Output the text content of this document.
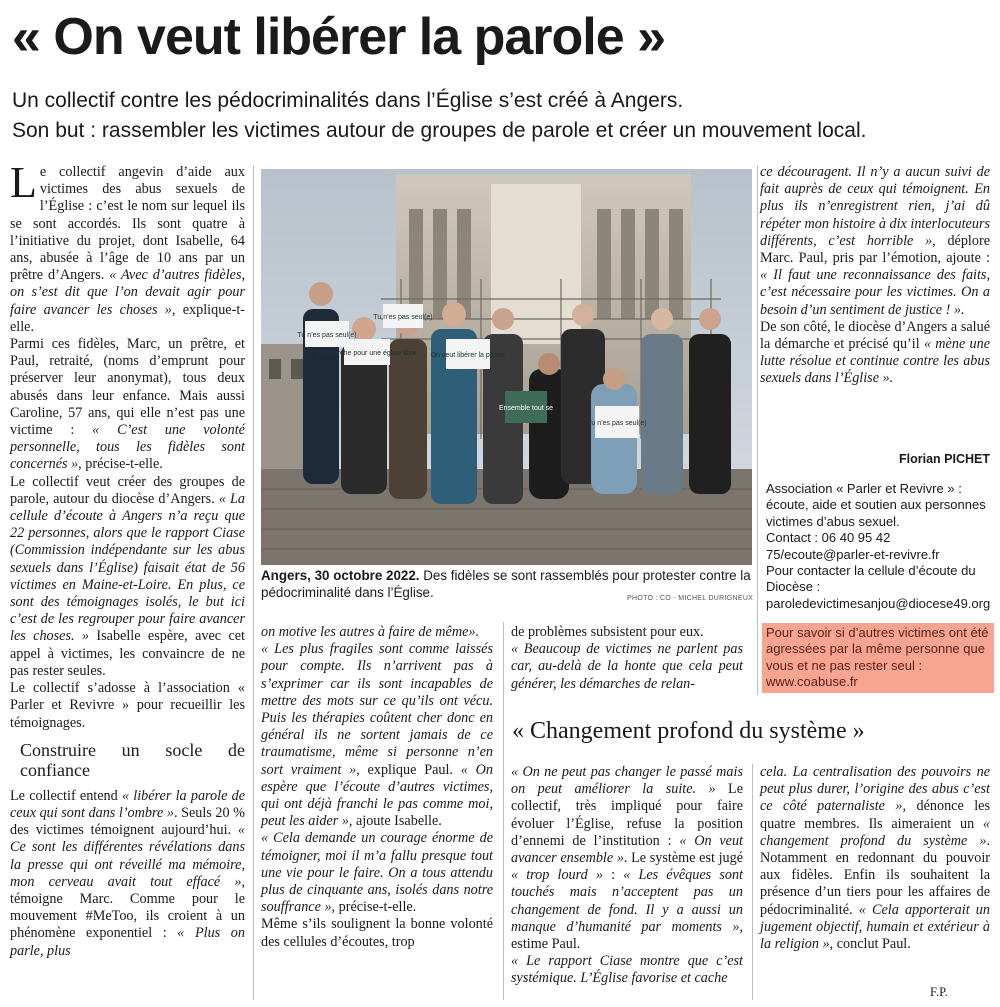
« On veut libérer la parole »
Un collectif contre les pédocriminalités dans l’Église s’est créé à Angers.
Son but : rassembler les victimes autour de groupes de parole et créer un mouvement local.

Le collectif angevin d’aide aux victimes des abus sexuels de l’Église : c’est le nom sur lequel ils se sont accordés. Ils sont quatre à l’initiative du projet, dont Isabelle, 64 ans, abusée à l’âge de 10 ans par un prêtre d’Angers. « Avec d’autres fidèles, on s’est dit que l’on devait agir pour faire avancer les choses », explique-t-elle.

Parmi ces fidèles, Marc, un prêtre, et Paul, retraité, (noms d’emprunt pour préserver leur anonymat), tous deux abusés dans leur enfance. Mais aussi Caroline, 57 ans, qui elle n’est pas une victime : « C’est une volonté personnelle, tous les fidèles sont concernés », précise-t-elle.

Le collectif veut créer des groupes de parole, autour du diocèse d’Angers. « La cellule d’écoute à Angers n’a reçu que 22 personnes, alors que le rapport Ciase (Commission indépendante sur les abus sexuels dans l’Église) faisait état de 56 victimes en Maine-et-Loire. En plus, ce sont des témoignages isolés, le but ici c’est de les regrouper pour faire avancer les choses. » Isabelle espère, avec cet appel à victimes, les convaincre de ne pas rester seules.

Le collectif s’adosse à l’association « Parler et Revivre » pour recueillir les témoignages.

Construire un socle de confiance

Le collectif entend « libérer la parole de ceux qui sont dans l’ombre ». Seuls 20 % des victimes témoignent aujourd’hui. « Ce sont les différentes révélations dans la presse qui ont réveillé ma mémoire, mon cerveau avait tout effacé », témoigne Marc. Comme pour le mouvement #MeToo, ils croient à un phénomène exponentiel : « Plus on parle, plus

Tu n’es pas seul(e)
Tu n’es pas seul(e)
En marche pour une église libre On veut libérer la parole
Ensemble tout se
Tu n’es pas seul(e)
Angers, 30 octobre 2022. Des fidèles se sont rassemblés pour protester contre la pédocriminalité dans l’Église.	PHOTO : CO - MICHEL DURIGNEUX

on motive les autres à faire de même».

« Les plus fragiles sont comme laissés pour compte. Ils n’arrivent pas à s’exprimer car ils sont incapables de mettre des mots sur ce qu’ils ont vécu. Puis les thérapies coûtent cher donc en général ils ne sortent jamais de ce traumatisme, même si personne n’en sort vraiment », explique Paul. « On espère que l’écoute d’autres victimes, qui ont déjà franchi le pas comme moi, peut les aider », ajoute Isabelle.

« Cela demande un courage énorme de témoigner, moi il m’a fallu presque tout une vie pour le faire. On a tous attendu plus de cinquante ans, isolés dans notre souffrance », précise-t-elle.

Même s’ils soulignent la bonne volonté des cellules d’écoutes, trop

de problèmes subsistent pour eux.

« Beaucoup de victimes ne parlent pas car, au-delà de la honte que cela peut générer, les démarches de relan-

ce découragent. Il n’y a aucun suivi de fait auprès de ceux qui témoignent. En plus ils n’enregistrent rien, j’ai dû répéter mon histoire à dix interlocuteurs différents, c’est horrible », déplore Marc. Paul, pris par l’émotion, ajoute : « Il faut une reconnaissance des faits, c’est nécessaire pour les victimes. On a besoin d’un sentiment de justice ! ».

De son côté, le diocèse d’Angers a salué la démarche et précisé qu’il « mène une lutte résolue et continue contre les abus sexuels dans l’Église ».

Florian PICHET
Association « Parler et Revivre » : écoute, aide et soutien aux personnes victimes d’abus sexuel.
Contact : 06 40 95 42 75/ecoute@parler-et-revivre.fr
Pour contacter la cellule d’écoute du Diocèse : paroledevictimesanjou@diocese49.org
Pour savoir si d’autres victimes ont été agressées par la même personne que vous et ne pas rester seul : www.coabuse.fr
« Changement profond du système »

« On ne peut pas changer le passé mais on peut améliorer la suite. » Le collectif, très impliqué pour faire évoluer l’Église, refuse la position d’ennemi de l’institution : « On veut avancer ensemble ». Le système est jugé « trop lourd » : « Les évêques sont touchés mais n’acceptent pas un changement de fond. Il y a aussi un manque d’humanité par moments », estime Paul.

« Le rapport Ciase montre que c’est systémique. L’Église favorise et cache

cela. La centralisation des pouvoirs ne peut plus durer, l’origine des abus c’est ce côté paternaliste », dénonce les quatre membres. Ils aimeraient un « changement profond du système ». Notamment en redonnant du pouvoir aux fidèles. Enfin ils souhaitent la présence d’un tiers pour les affaires de pédocriminalité. « Cela apporterait un jugement objectif, humain et extérieur à la religion », conclut Paul.

F.P.
